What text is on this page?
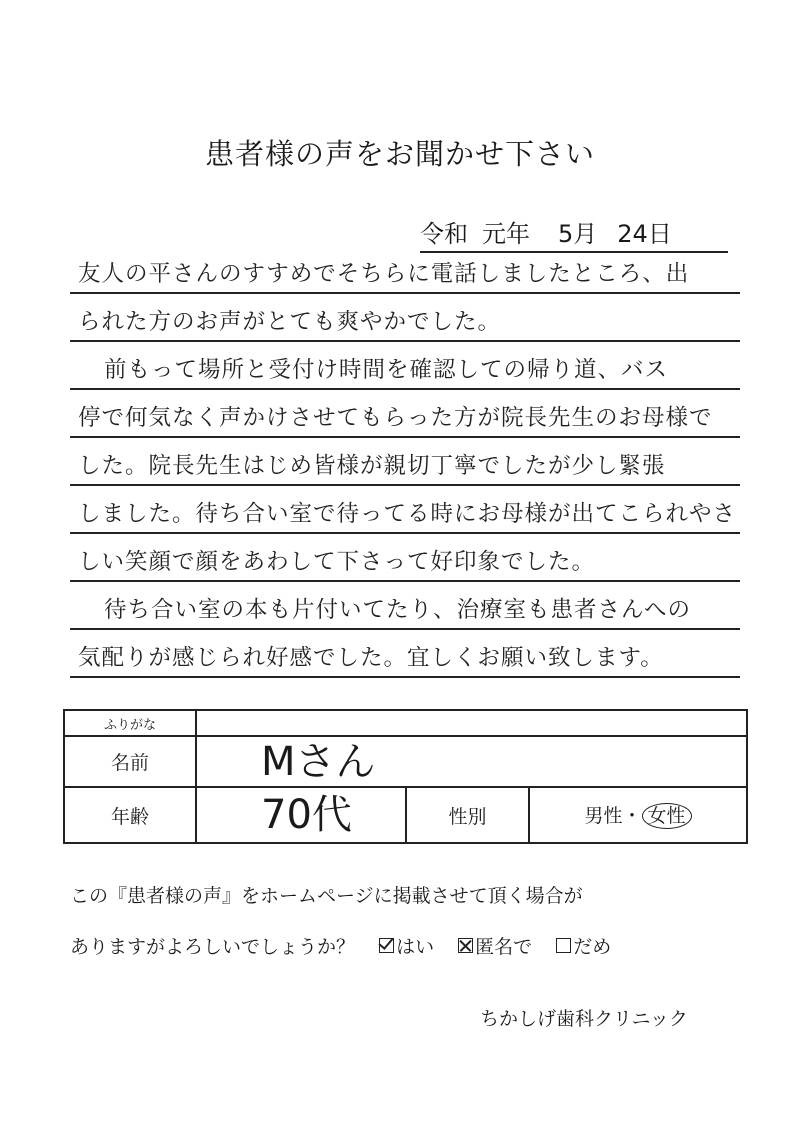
患者様の声をお聞かせ下さい
令和 元年 5月 24日
友人の平さんのすすめでそちらに電話しましたところ、出
られた方のお声がとても爽やかでした。
前もって場所と受付け時間を確認しての帰り道、バス
停で何気なく声かけさせてもらった方が院長先生のお母様で
した。院長先生はじめ皆様が親切丁寧でしたが少し緊張
しました。待ち合い室で待ってる時にお母様が出てこられやさ
しい笑顔で顔をあわして下さって好印象でした。
待ち合い室の本も片付いてたり、治療室も患者さんへの
気配りが感じられ好感でした。宜しくお願い致します。
ふりがな			
名前	Mさん		
年齢	70代	性別	男性・ 女性
この『患者様の声』をホームページに掲載させて頂く場合が
ありますがよろしいでしょうか？ はい 匿名で だめ
ちかしげ歯科クリニック
